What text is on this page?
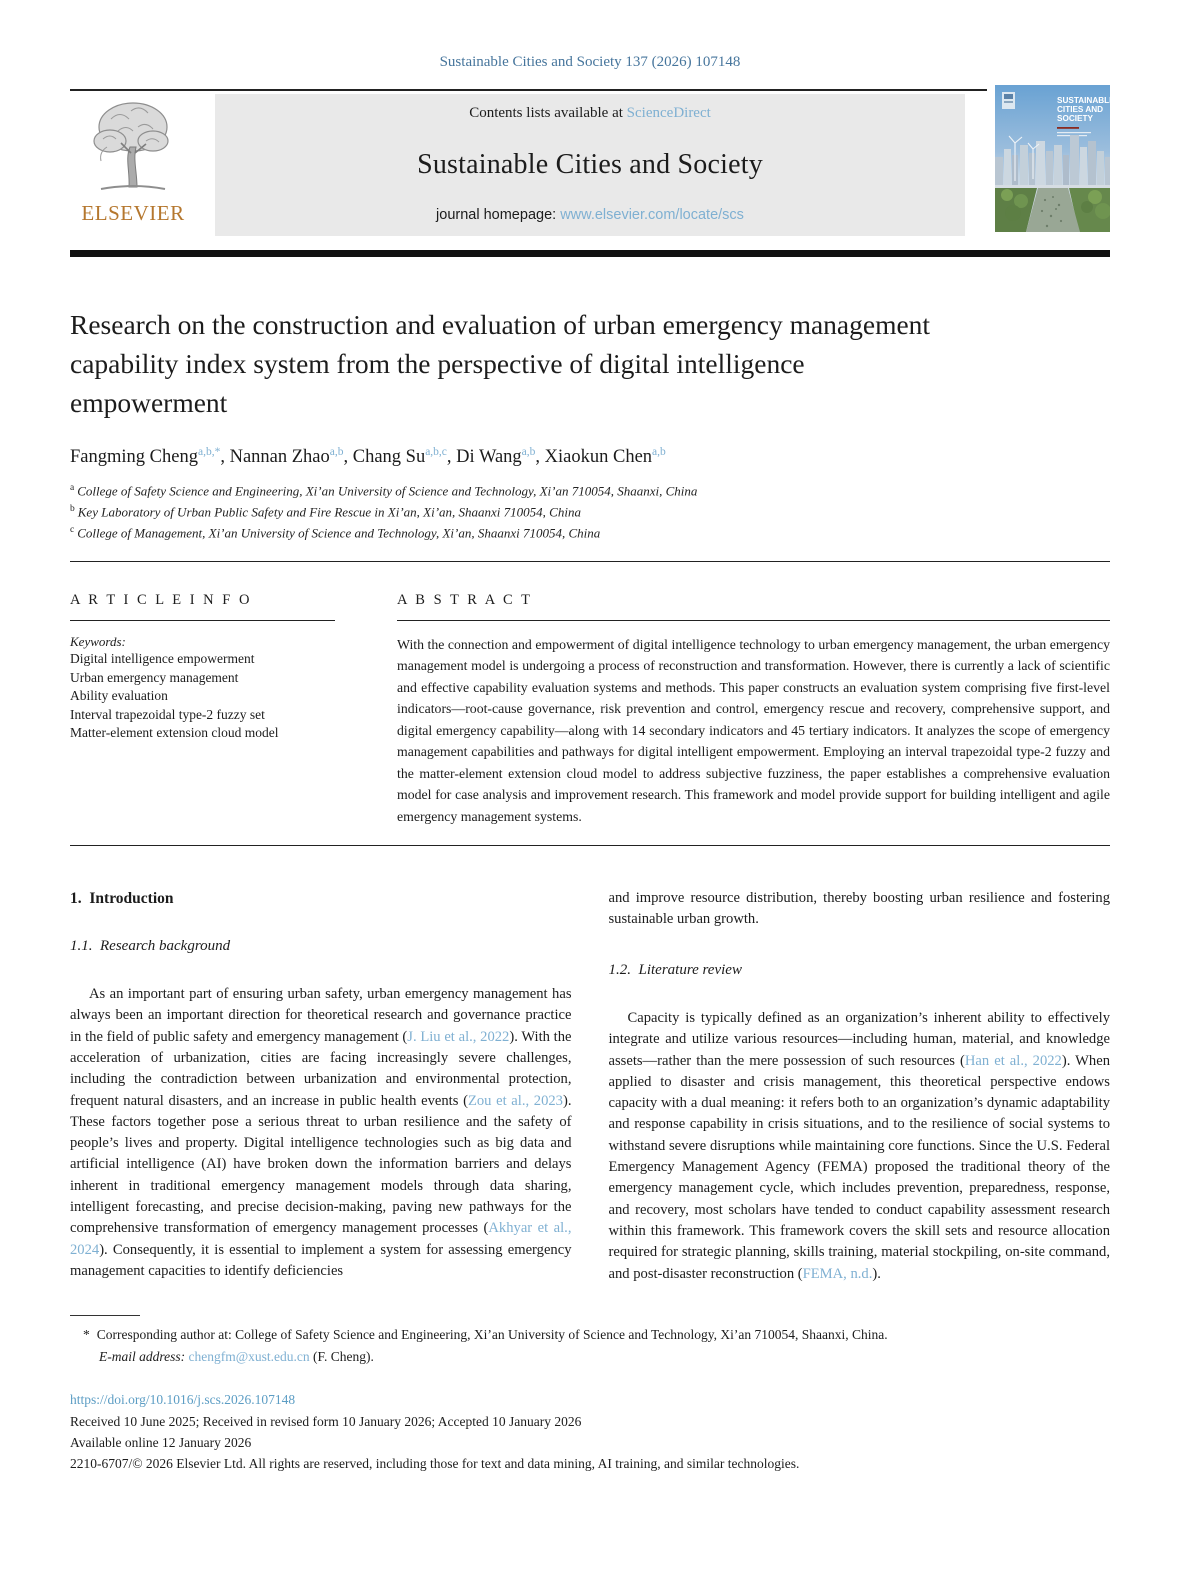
Sustainable Cities and Society 137 (2026) 107148
ELSEVIER
Contents lists available at ScienceDirect
Sustainable Cities and Society
journal homepage: www.elsevier.com/locate/scs
SUSTAINABLE
CITIES AND
SOCIETY
Research on the construction and evaluation of urban emergency management capability index system from the perspective of digital intelligence empowerment
Fangming Cheng$^{a,b,*}$, Nannan Zhao$^{a,b}$, Chang Su$^{a,b,c}$, Di Wang$^{a,b}$, Xiaokun Chen$^{a,b}$
$^a$ College of Safety Science and Engineering, Xi’an University of Science and Technology, Xi’an 710054, Shaanxi, China
$^b$ Key Laboratory of Urban Public Safety and Fire Rescue in Xi’an, Xi’an, Shaanxi 710054, China
$^c$ College of Management, Xi’an University of Science and Technology, Xi’an, Shaanxi 710054, China
A R T I C L E I N F O
Keywords:
Digital intelligence empowerment
Urban emergency management
Ability evaluation
Interval trapezoidal type-2 fuzzy set
Matter-element extension cloud model
A B S T R A C T

With the connection and empowerment of digital intelligence technology to urban emergency management, the urban emergency management model is undergoing a process of reconstruction and transformation. However, there is currently a lack of scientific and effective capability evaluation systems and methods. This paper constructs an evaluation system comprising five first-level indicators—root-cause governance, risk prevention and control, emergency rescue and recovery, comprehensive support, and digital emergency capability—along with 14 secondary indicators and 45 tertiary indicators. It analyzes the scope of emergency management capabilities and pathways for digital intelligent empowerment. Employing an interval trapezoidal type-2 fuzzy and the matter-element extension cloud model to address subjective fuzziness, the paper establishes a comprehensive evaluation model for case analysis and improvement research. This framework and model provide support for building intelligent and agile emergency management systems.

1.  Introduction
1.1.  Research background

As an important part of ensuring urban safety, urban emergency management has always been an important direction for theoretical research and governance practice in the field of public safety and emergency management (J. Liu et al., 2022). With the acceleration of urbanization, cities are facing increasingly severe challenges, including the contradiction between urbanization and environmental protection, frequent natural disasters, and an increase in public health events (Zou et al., 2023). These factors together pose a serious threat to urban resilience and the safety of people’s lives and property. Digital intelligence technologies such as big data and artificial intelligence (AI) have broken down the information barriers and delays inherent in traditional emergency management models through data sharing, intelligent forecasting, and precise decision-making, paving new pathways for the comprehensive transformation of emergency management processes (Akhyar et al., 2024). Consequently, it is essential to implement a system for assessing emergency management capacities to identify deficiencies

and improve resource distribution, thereby boosting urban resilience and fostering sustainable urban growth.

1.2.  Literature review

Capacity is typically defined as an organization’s inherent ability to effectively integrate and utilize various resources—including human, material, and knowledge assets—rather than the mere possession of such resources (Han et al., 2022). When applied to disaster and crisis management, this theoretical perspective endows capacity with a dual meaning: it refers both to an organization’s dynamic adaptability and response capability in crisis situations, and to the resilience of social systems to withstand severe disruptions while maintaining core functions. Since the U.S. Federal Emergency Management Agency (FEMA) proposed the traditional theory of the emergency management cycle, which includes prevention, preparedness, response, and recovery, most scholars have tended to conduct capability assessment research within this framework. This framework covers the skill sets and resource allocation required for strategic planning, skills training, material stockpiling, on-site command, and post-disaster reconstruction (FEMA, n.d.).

* Corresponding author at: College of Safety Science and Engineering, Xi’an University of Science and Technology, Xi’an 710054, Shaanxi, China.
E-mail address: chengfm@xust.edu.cn (F. Cheng).
https://doi.org/10.1016/j.scs.2026.107148
Received 10 June 2025; Received in revised form 10 January 2026; Accepted 10 January 2026
Available online 12 January 2026
2210-6707/© 2026 Elsevier Ltd. All rights are reserved, including those for text and data mining, AI training, and similar technologies.
